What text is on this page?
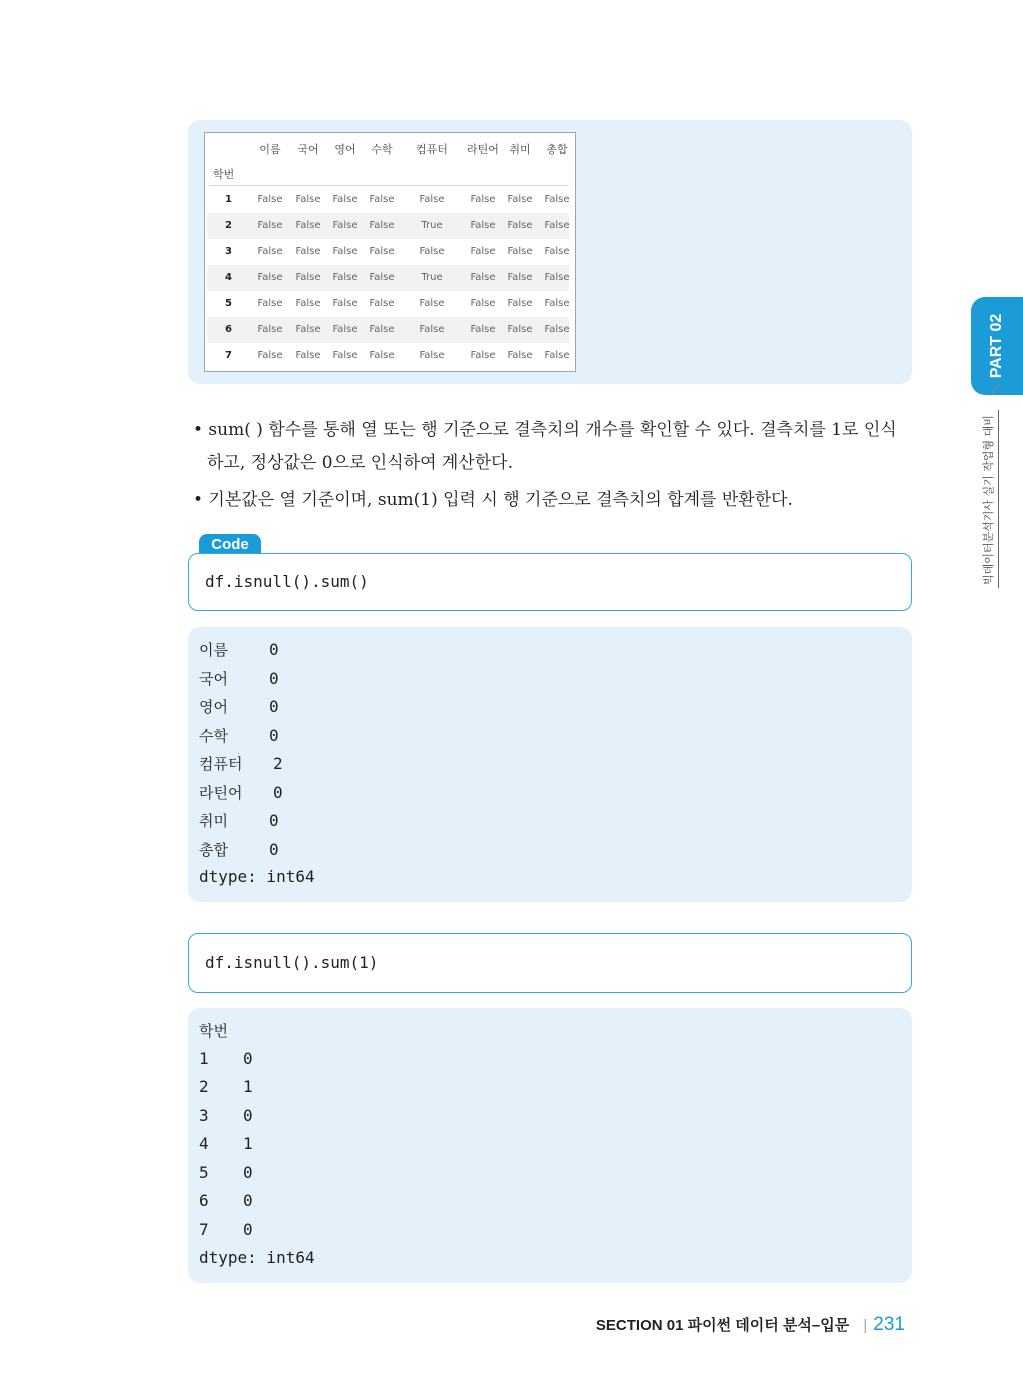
학번
이름	국어	영어	수학	컴퓨터	라틴어 취미	총합
1	False	False	False	False	False	False	False	False
2	False	False	False	False	True	False	False	False
3	False	False	False	False	False	False	False	False
4	False	False	False	False	True	False	False	False
5	False	False	False	False	False	False	False	False
6	False	False	False	False	False	False	False	False
7	False	False	False	False	False	False	False	False
• sum( ) 함수를 통해 열 또는 행 기준으로 결측치의 개수를 확인할 수 있다. 결측치를 1로 인식
하고, 정상값은 0으로 인식하여 계산한다.
• 기본값은 열 기준이며, sum(1) 입력 시 행 기준으로 결측치의 합계를 반환한다.
Code
df.isnull().sum()
이름	0
국어	0
영어	0
수학	0
컴퓨터 2
라틴어 0
취미	0
총합	0
dtype: int64
df.isnull().sum(1)
학번
1 0
2 1
3 0
4 1
5 0
6 0
7 0
dtype: int64
PART 02
빅데이터분석기사 실기 작업형 대비
SECTION 01 파이썬 데이터 분석–입문 | 231
